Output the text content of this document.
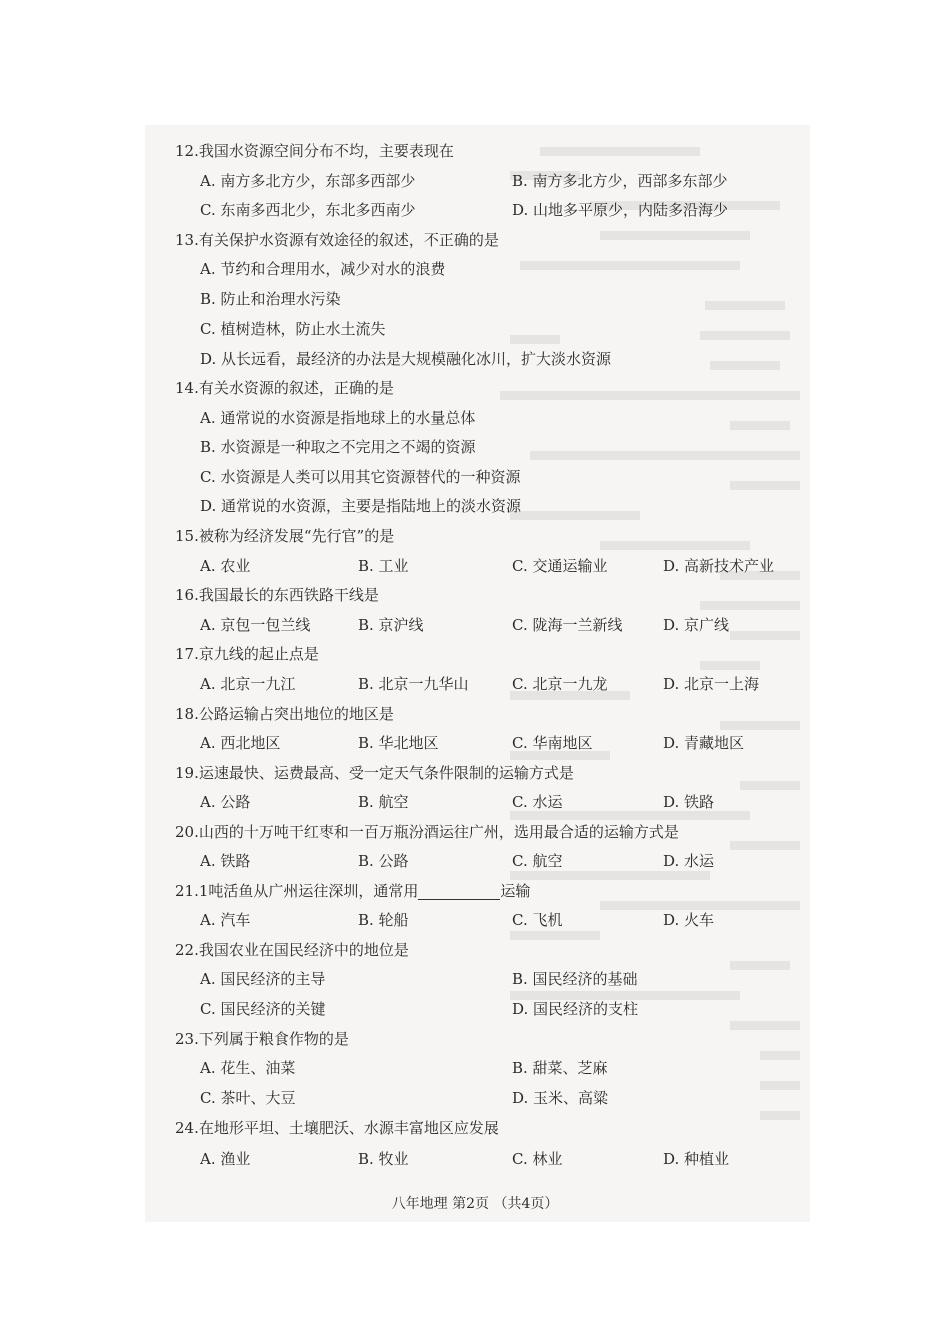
12.我国水资源空间分布不均，主要表现在
A. 南方多北方少，东部多西部少	B. 南方多北方少，西部多东部少
C. 东南多西北少，东北多西南少	D. 山地多平原少，内陆多沿海少
13.有关保护水资源有效途径的叙述，不正确的是
A. 节约和合理用水，减少对水的浪费
B. 防止和治理水污染
C. 植树造林，防止水土流失
D. 从长远看，最经济的办法是大规模融化冰川，扩大淡水资源
14.有关水资源的叙述，正确的是
A. 通常说的水资源是指地球上的水量总体
B. 水资源是一种取之不完用之不竭的资源
C. 水资源是人类可以用其它资源替代的一种资源
D. 通常说的水资源，主要是指陆地上的淡水资源
15.被称为经济发展“先行官”的是
A. 农业	B. 工业	C. 交通运输业	D. 高新技术产业
16.我国最长的东西铁路干线是
A. 京包一包兰线	B. 京沪线	C. 陇海一兰新线	D. 京广线
17.京九线的起止点是
A. 北京一九江	B. 北京一九华山	C. 北京一九龙	D. 北京一上海
18.公路运输占突出地位的地区是
A. 西北地区	B. 华北地区	C. 华南地区	D. 青藏地区
19.运速最快、运费最高、受一定天气条件限制的运输方式是
A. 公路	B. 航空	C. 水运	D. 铁路
20.山西的十万吨干红枣和一百万瓶汾酒运往广州，选用最合适的运输方式是
A. 铁路	B. 公路	C. 航空	D. 水运
21.1吨活鱼从广州运往深圳，通常用	运输
A. 汽车	B. 轮船	C. 飞机	D. 火车
22.我国农业在国民经济中的地位是
A. 国民经济的主导	B. 国民经济的基础
C. 国民经济的关键	D. 国民经济的支柱
23.下列属于粮食作物的是
A. 花生、油菜	B. 甜菜、芝麻
C. 茶叶、大豆	D. 玉米、高粱
24.在地形平坦、土壤肥沃、水源丰富地区应发展
A. 渔业	B. 牧业	C. 林业	D. 种植业
八年地理 第2页 （共4页）
